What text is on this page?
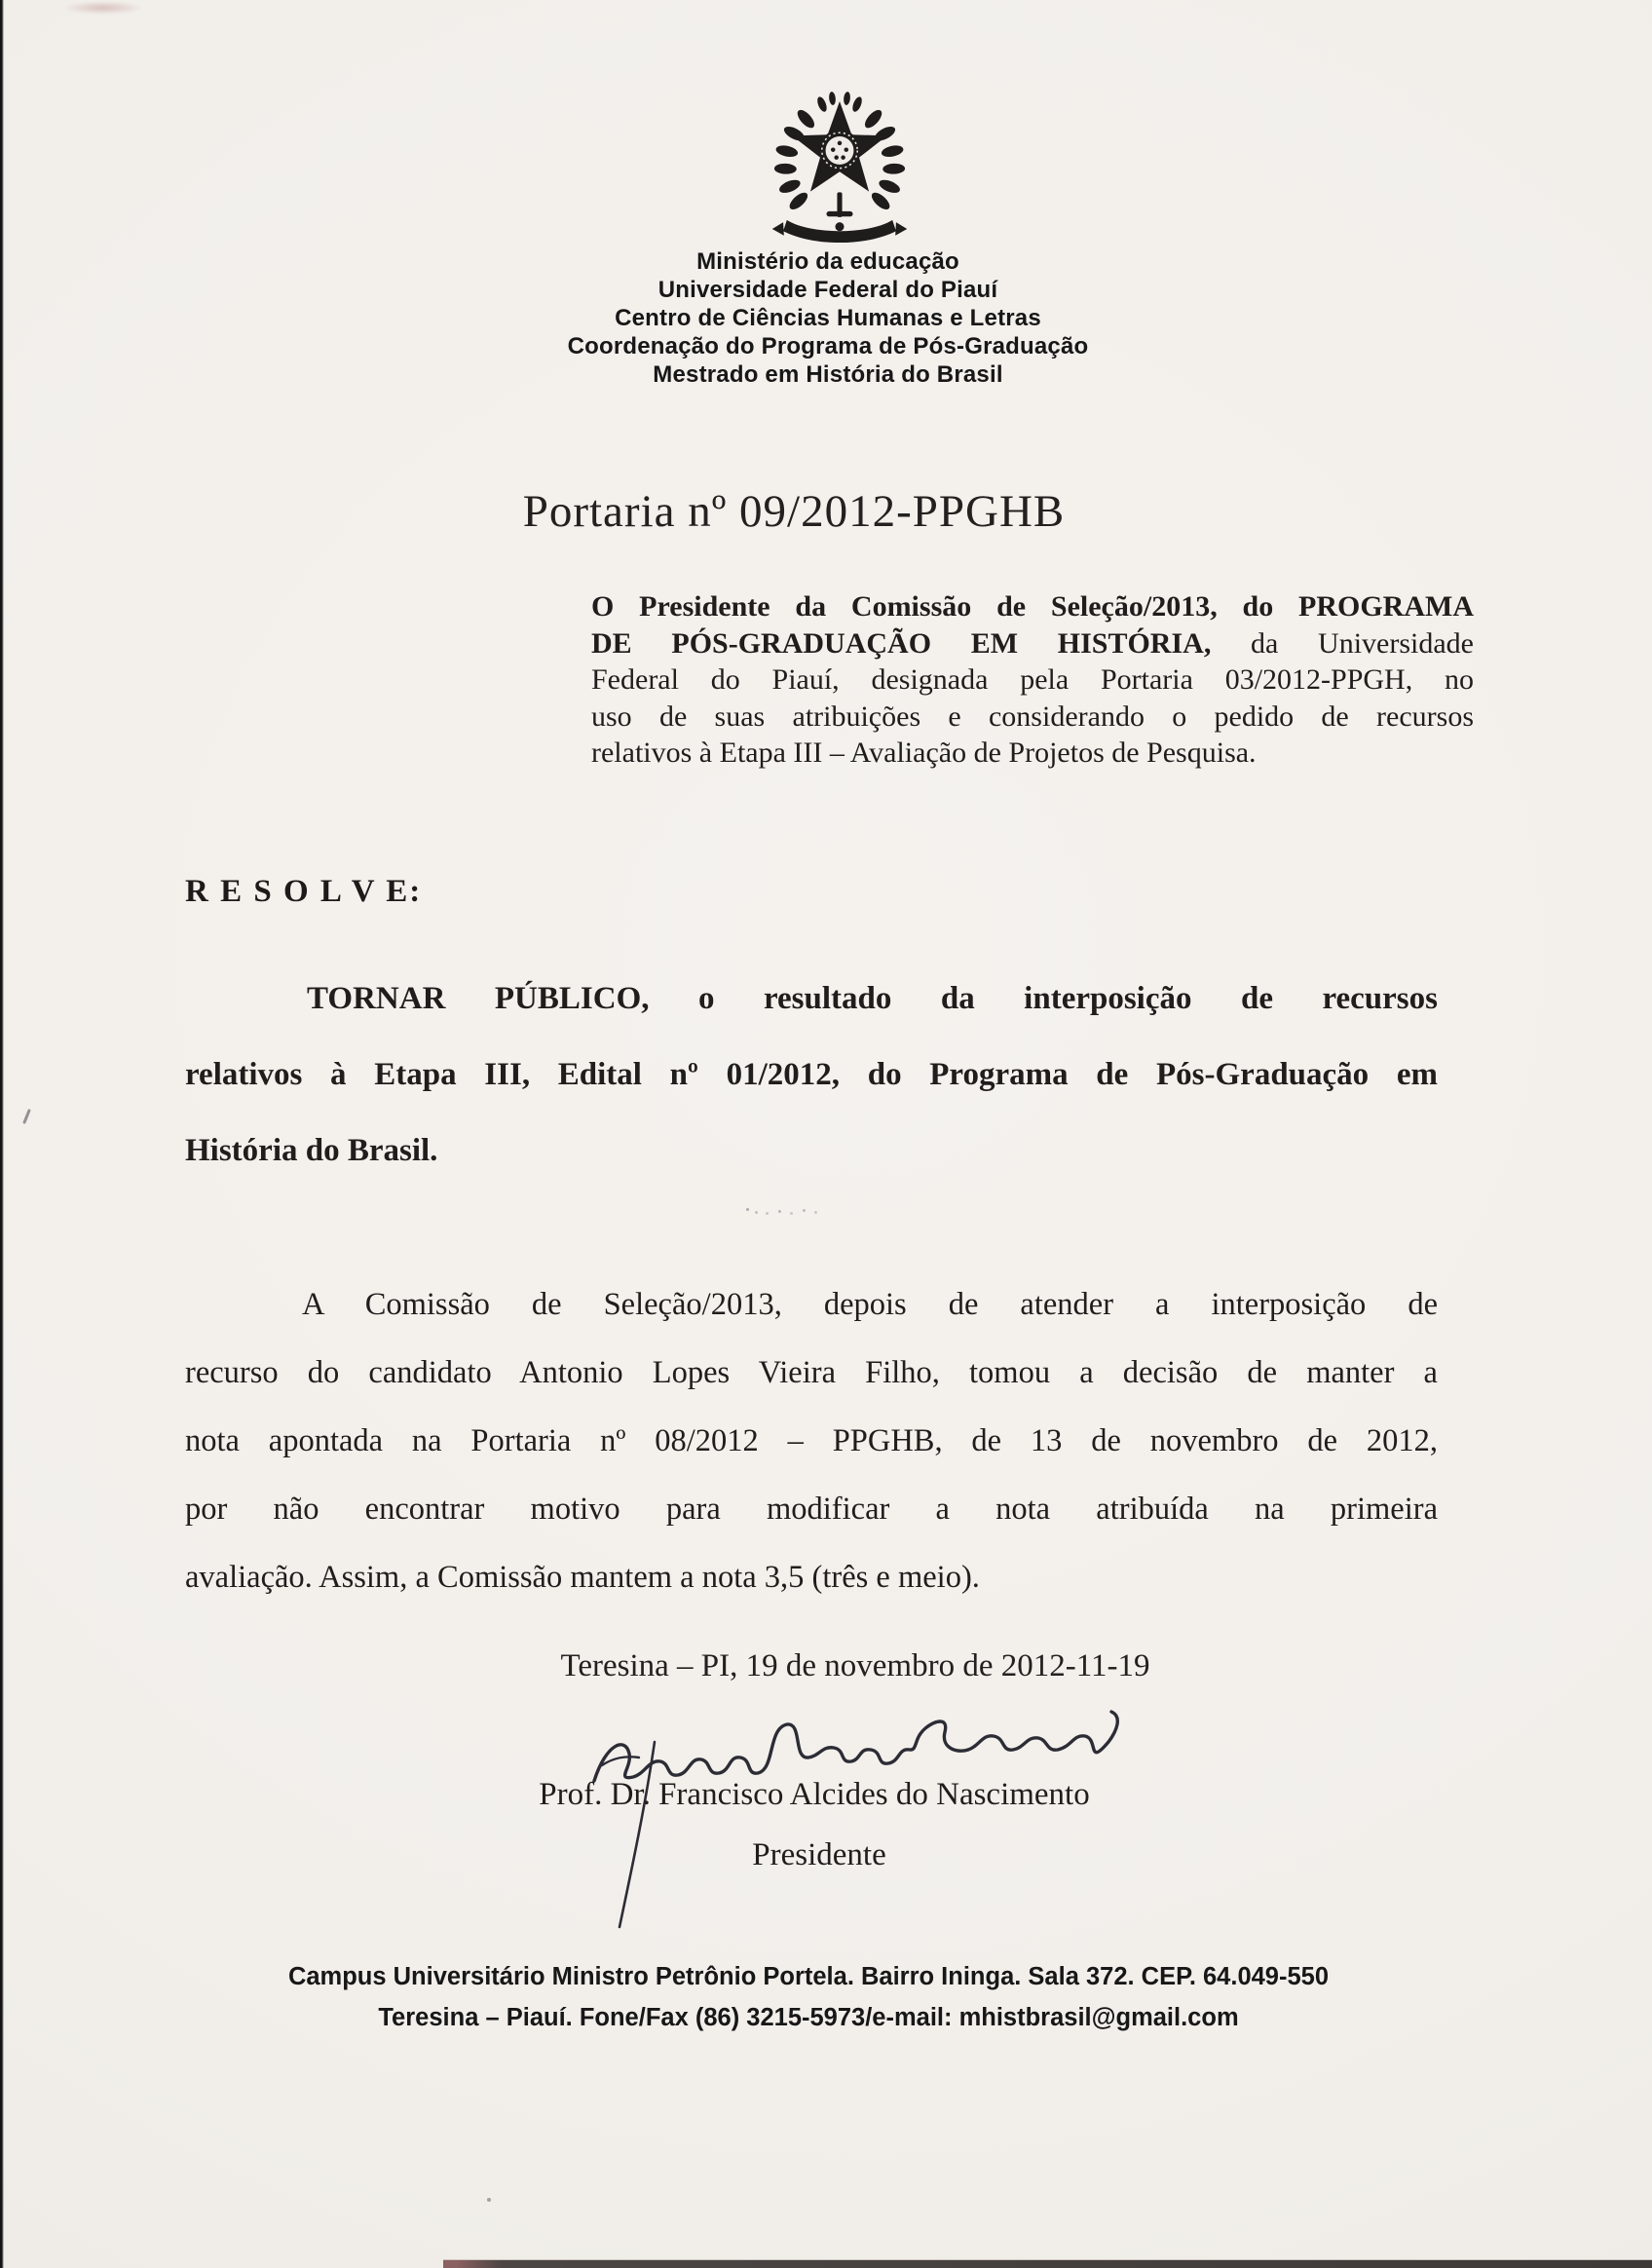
Ministério da educação
Universidade Federal do Piauí
Centro de Ciências Humanas e Letras
Coordenação do Programa de Pós-Graduação
Mestrado em História do Brasil
Portaria nº 09/2012-PPGHB
O Presidente da Comissão de Seleção/2013, do PROGRAMA
DE PÓS-GRADUAÇÃO EM HISTÓRIA, da Universidade
Federal do Piauí, designada pela Portaria 03/2012-PPGH, no
uso de suas atribuições e considerando o pedido de recursos
relativos à Etapa III – Avaliação de Projetos de Pesquisa.
R E S O L V E:
TORNAR PÚBLICO, o resultado da interposição de recursos
relativos à Etapa III, Edital nº 01/2012, do Programa de Pós-Graduação em
História do Brasil.
A Comissão de Seleção/2013, depois de atender a interposição de
recurso do candidato Antonio Lopes Vieira Filho, tomou a decisão de manter a
nota apontada na Portaria nº 08/2012 – PPGHB, de 13 de novembro de 2012,
por não encontrar motivo para modificar a nota atribuída na primeira
avaliação. Assim, a Comissão mantem a nota 3,5 (três e meio).
Teresina – PI, 19 de novembro de 2012-11-19
Prof. Dr. Francisco Alcides do Nascimento
Presidente
Campus Universitário Ministro Petrônio Portela. Bairro Ininga. Sala 372. CEP. 64.049-550
Teresina – Piauí. Fone/Fax (86) 3215-5973/e-mail: mhistbrasil@gmail.com
